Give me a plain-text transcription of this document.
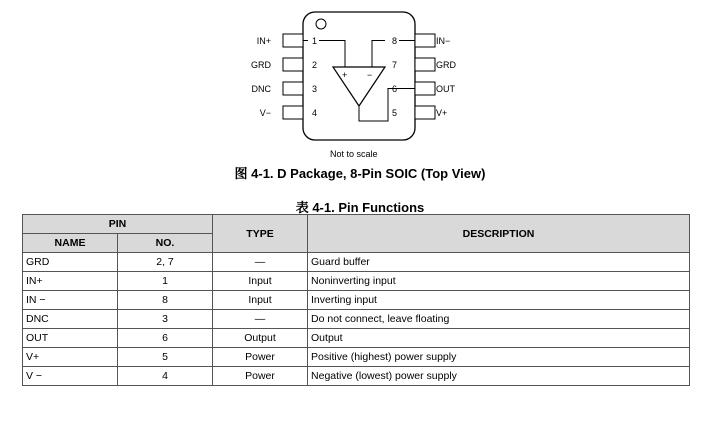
IN+
GRD
DNC
V−
IN−
GRD
OUT
V+
1
2
3
4
8
7
6
5
+ −
Not to scale
图 4-1. D Package, 8-Pin SOIC (Top View)
表 4-1. Pin Functions
PIN		TYPE	DESCRIPTION
NAME	NO.		
GRD	2, 7	—	Guard buffer
IN+	1	Input	Noninverting input
IN −	8	Input	Inverting input
DNC	3	—	Do not connect, leave floating
OUT	6	Output	Output
V+	5	Power	Positive (highest) power supply
V −	4	Power	Negative (lowest) power supply
